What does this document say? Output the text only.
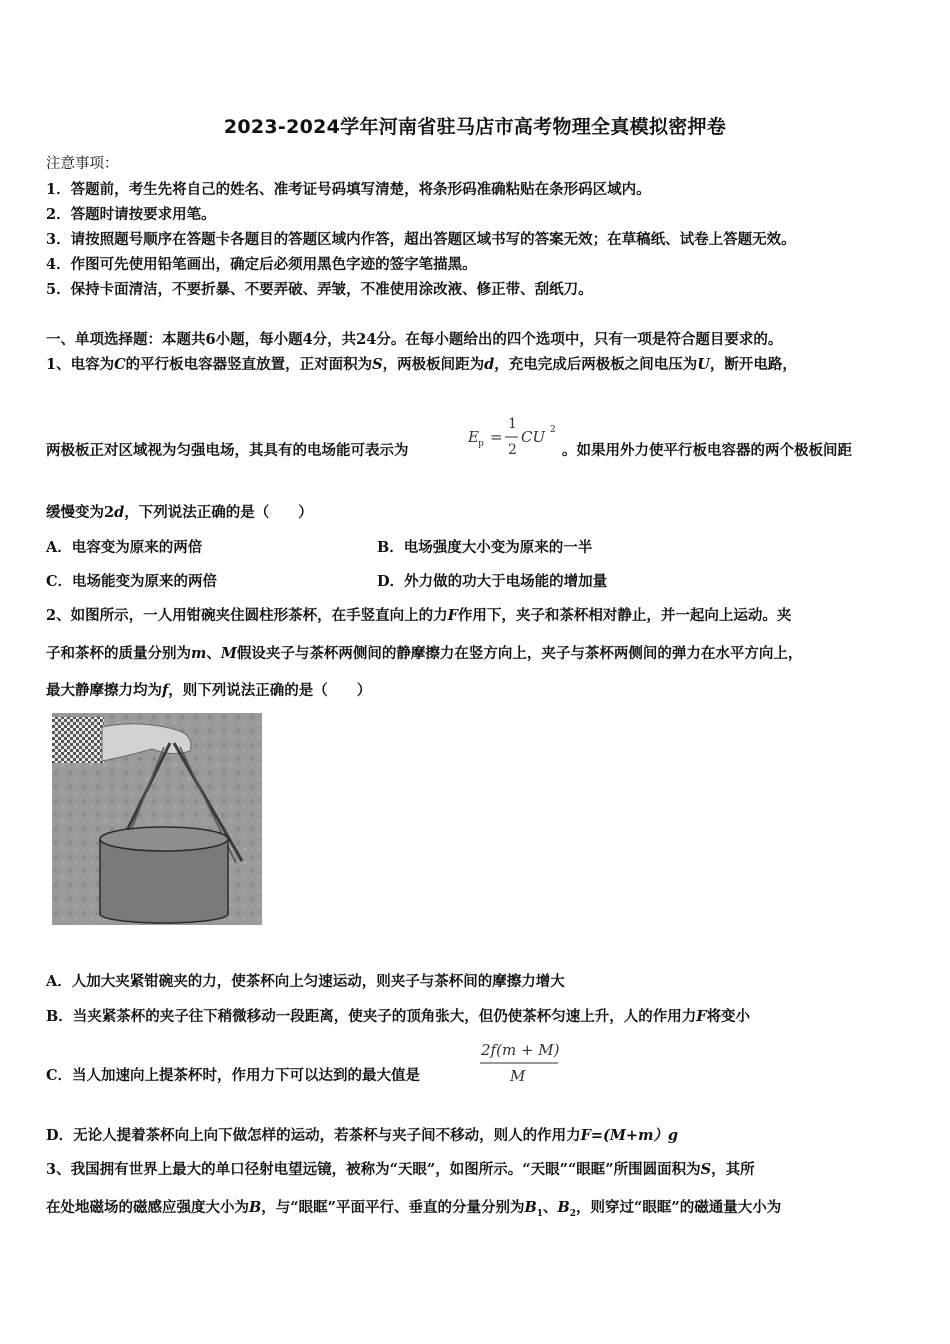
2023-2024学年河南省驻马店市高考物理全真模拟密押卷
注意事项：
1．答题前，考生先将自己的姓名、准考证号码填写清楚，将条形码准确粘贴在条形码区域内。
2．答题时请按要求用笔。
3．请按照题号顺序在答题卡各题目的答题区域内作答，超出答题区域书写的答案无效；在草稿纸、试卷上答题无效。
4．作图可先使用铅笔画出，确定后必须用黑色字迹的签字笔描黑。
5．保持卡面清洁，不要折暴、不要弄破、弄皱，不准使用涂改液、修正带、刮纸刀。
一、单项选择题：本题共6小题，每小题4分，共24分。在每小题给出的四个选项中，只有一项是符合题目要求的。
1、电容为C的平行板电容器竖直放置，正对面积为S，两极板间距为d，充电完成后两极板之间电压为U，断开电路，
两极板正对区域视为匀强电场，其具有的电场能可表示为
E p =
1
2
CU 2
。如果用外力使平行板电容器的两个极板间距
缓慢变为2d，下列说法正确的是（　　）
A．电容变为原来的两倍	B．电场强度大小变为原来的一半
C．电场能变为原来的两倍	D．外力做的功大于电场能的增加量
2、如图所示，一人用钳碗夹住圆柱形茶杯，在手竖直向上的力F作用下，夹子和茶杯相对静止，并一起向上运动。夹
子和茶杯的质量分别为m、M假设夹子与茶杯两侧间的静摩擦力在竖方向上，夹子与茶杯两侧间的弹力在水平方向上，
最大静摩擦力均为f，则下列说法正确的是（　　）
A．人加大夹紧钳碗夹的力，使茶杯向上匀速运动，则夹子与茶杯间的摩擦力增大
B．当夹紧茶杯的夹子往下稍微移动一段距离，使夹子的顶角张大，但仍使茶杯匀速上升，人的作用力F将变小
C．当人加速向上提茶杯时，作用力下可以达到的最大值是
2f(m + M)
M
D．无论人提着茶杯向上向下做怎样的运动，若茶杯与夹子间不移动，则人的作用力F=(M+m）g
3、我国拥有世界上最大的单口径射电望远镜，被称为“天眼”，如图所示。“天眼”“眼眶”所围圆面积为S，其所
在处地磁场的磁感应强度大小为B，与“眼眶”平面平行、垂直的分量分别为$B_1$、$B_2$，则穿过“眼眶”的磁通量大小为
